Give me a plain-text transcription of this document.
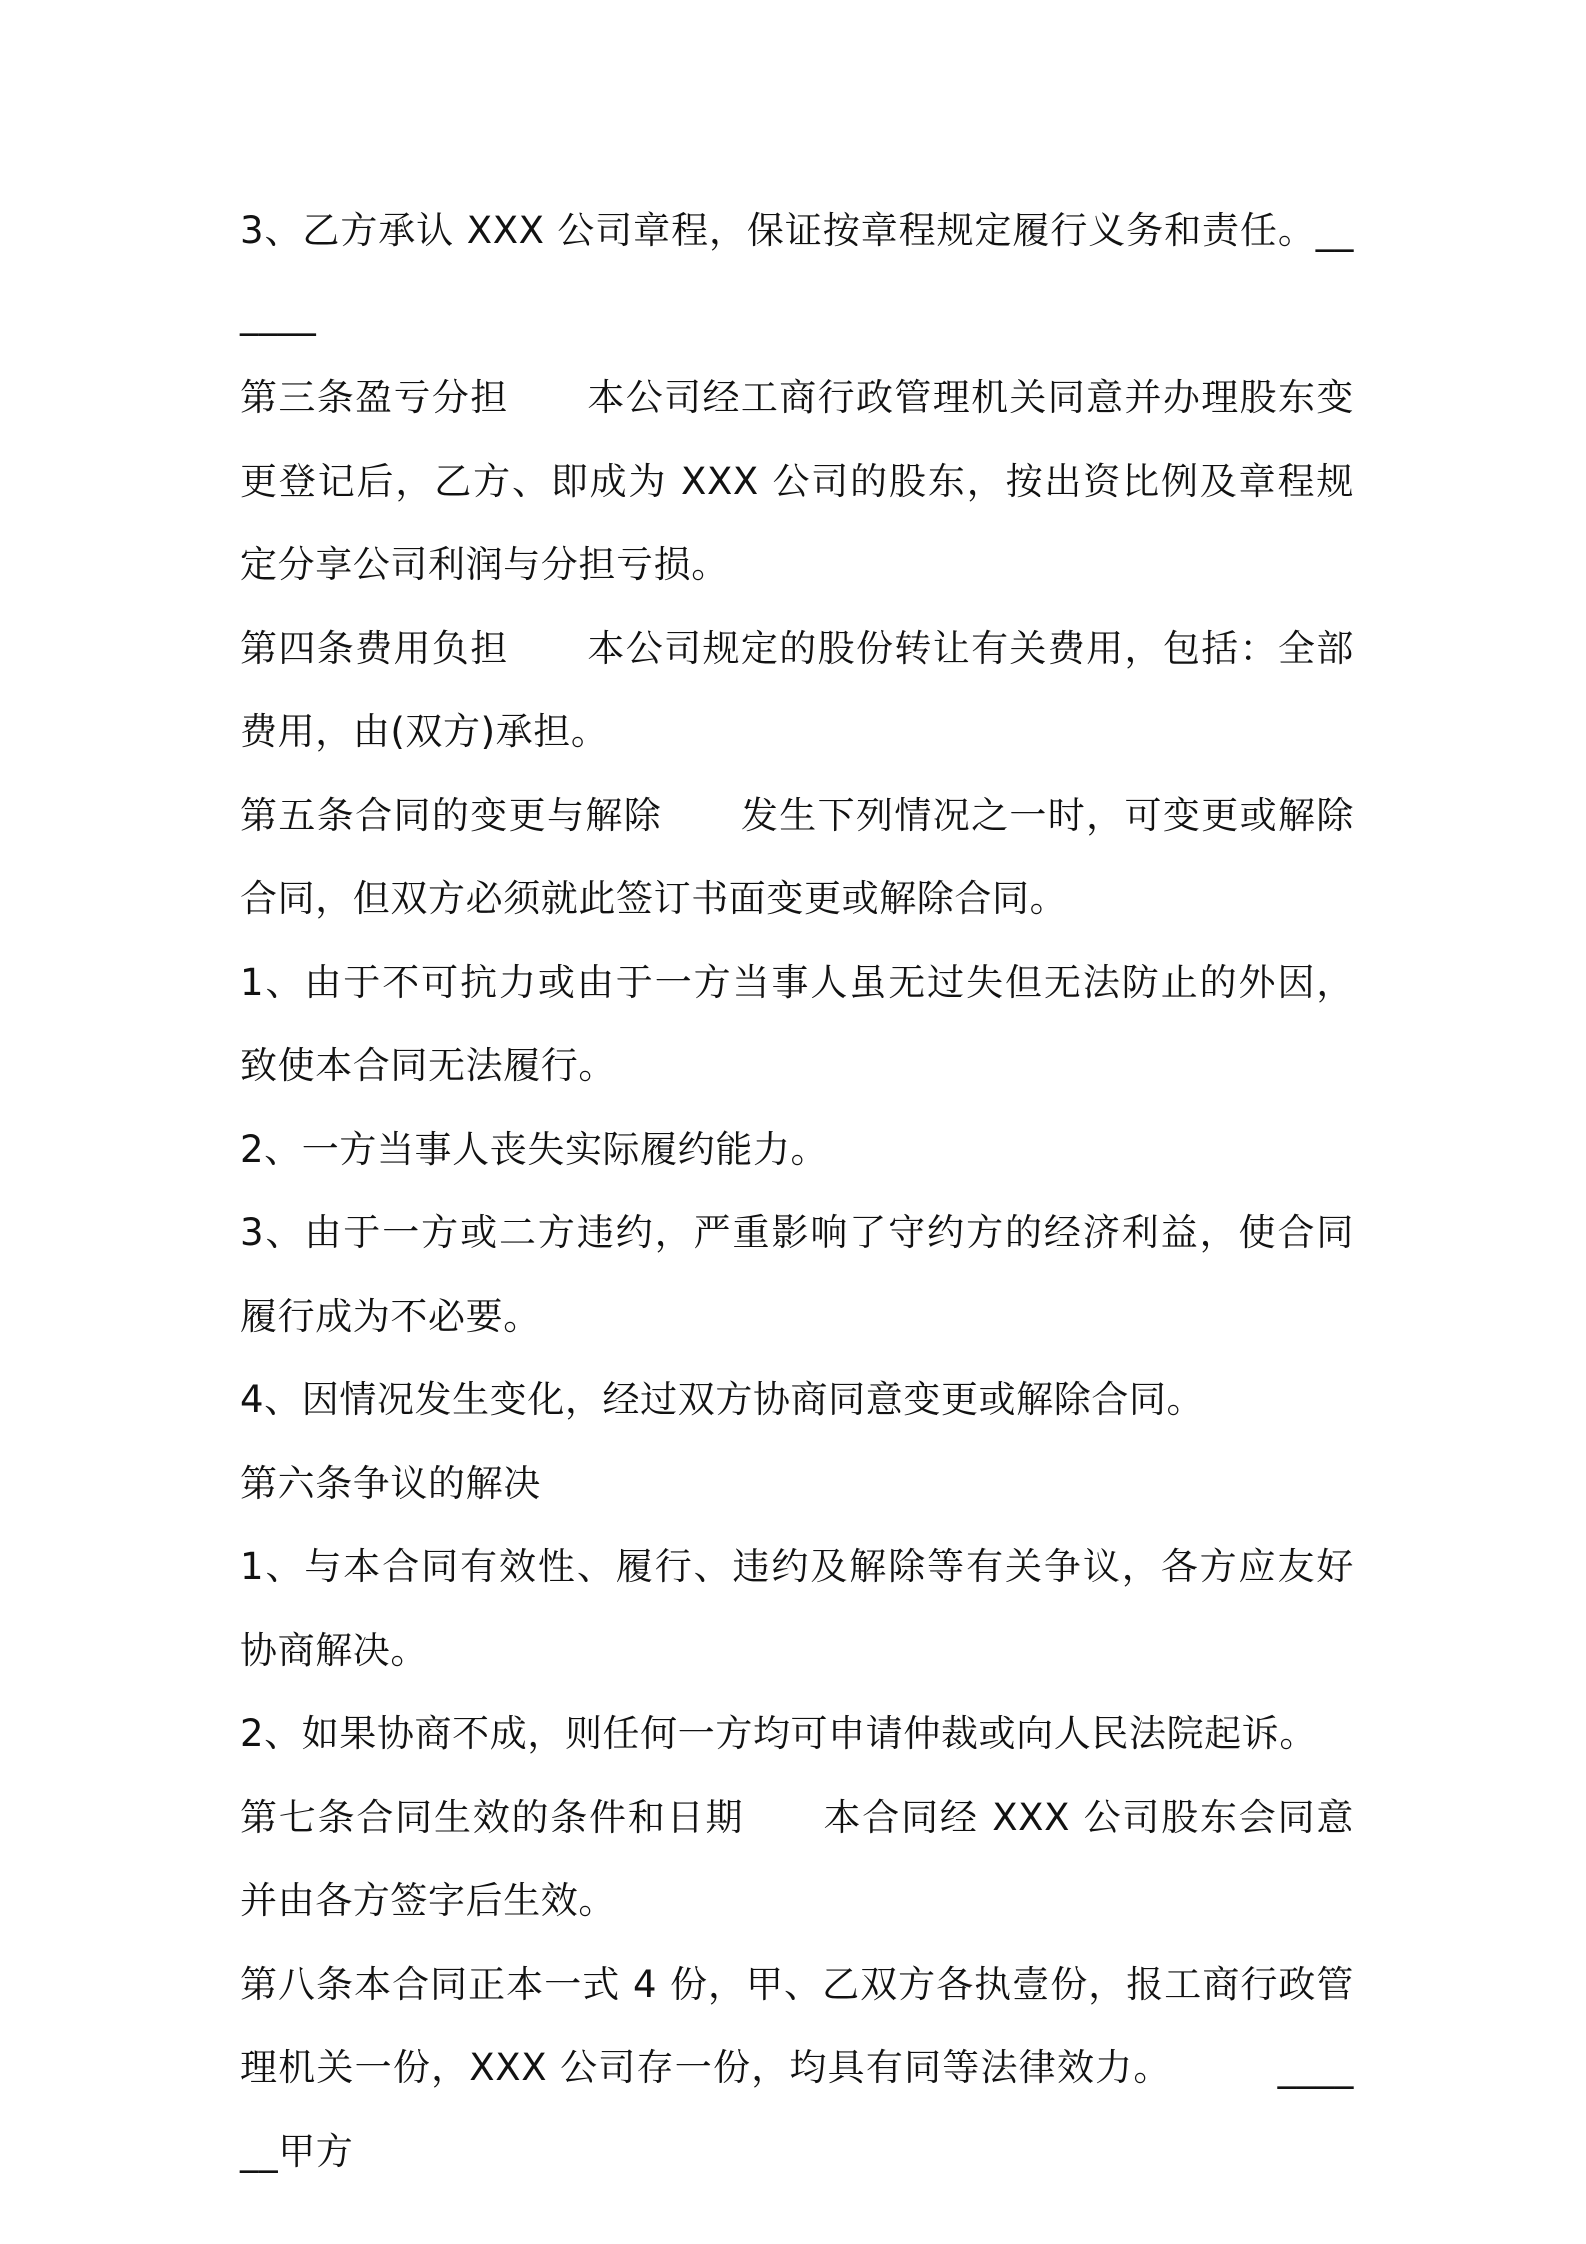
3、乙方承认 XXX 公司章程，保证按章程规定履行义务和责任。______

第三条盈亏分担 本公司经工商行政管理机关同意并办理股东变更登记后，乙方、即成为 XXX 公司的股东，按出资比例及章程规定分享公司利润与分担亏损。

第四条费用负担 本公司规定的股份转让有关费用，包括：全部费用，由(双方)承担。

第五条合同的变更与解除 发生下列情况之一时，可变更或解除合同，但双方必须就此签订书面变更或解除合同。

1、由于不可抗力或由于一方当事人虽无过失但无法防止的外因，致使本合同无法履行。

2、一方当事人丧失实际履约能力。

3、由于一方或二方违约，严重影响了守约方的经济利益，使合同履行成为不必要。

4、因情况发生变化，经过双方协商同意变更或解除合同。

第六条争议的解决

1、与本合同有效性、履行、违约及解除等有关争议，各方应友好协商解决。

2、如果协商不成，则任何一方均可申请仲裁或向人民法院起诉。

第七条合同生效的条件和日期 本合同经 XXX 公司股东会同意并由各方签字后生效。

第八条本合同正本一式 4 份，甲、乙双方各执壹份，报工商行政管理机关一份，XXX 公司存一份，均具有同等法律效力。	______甲方
